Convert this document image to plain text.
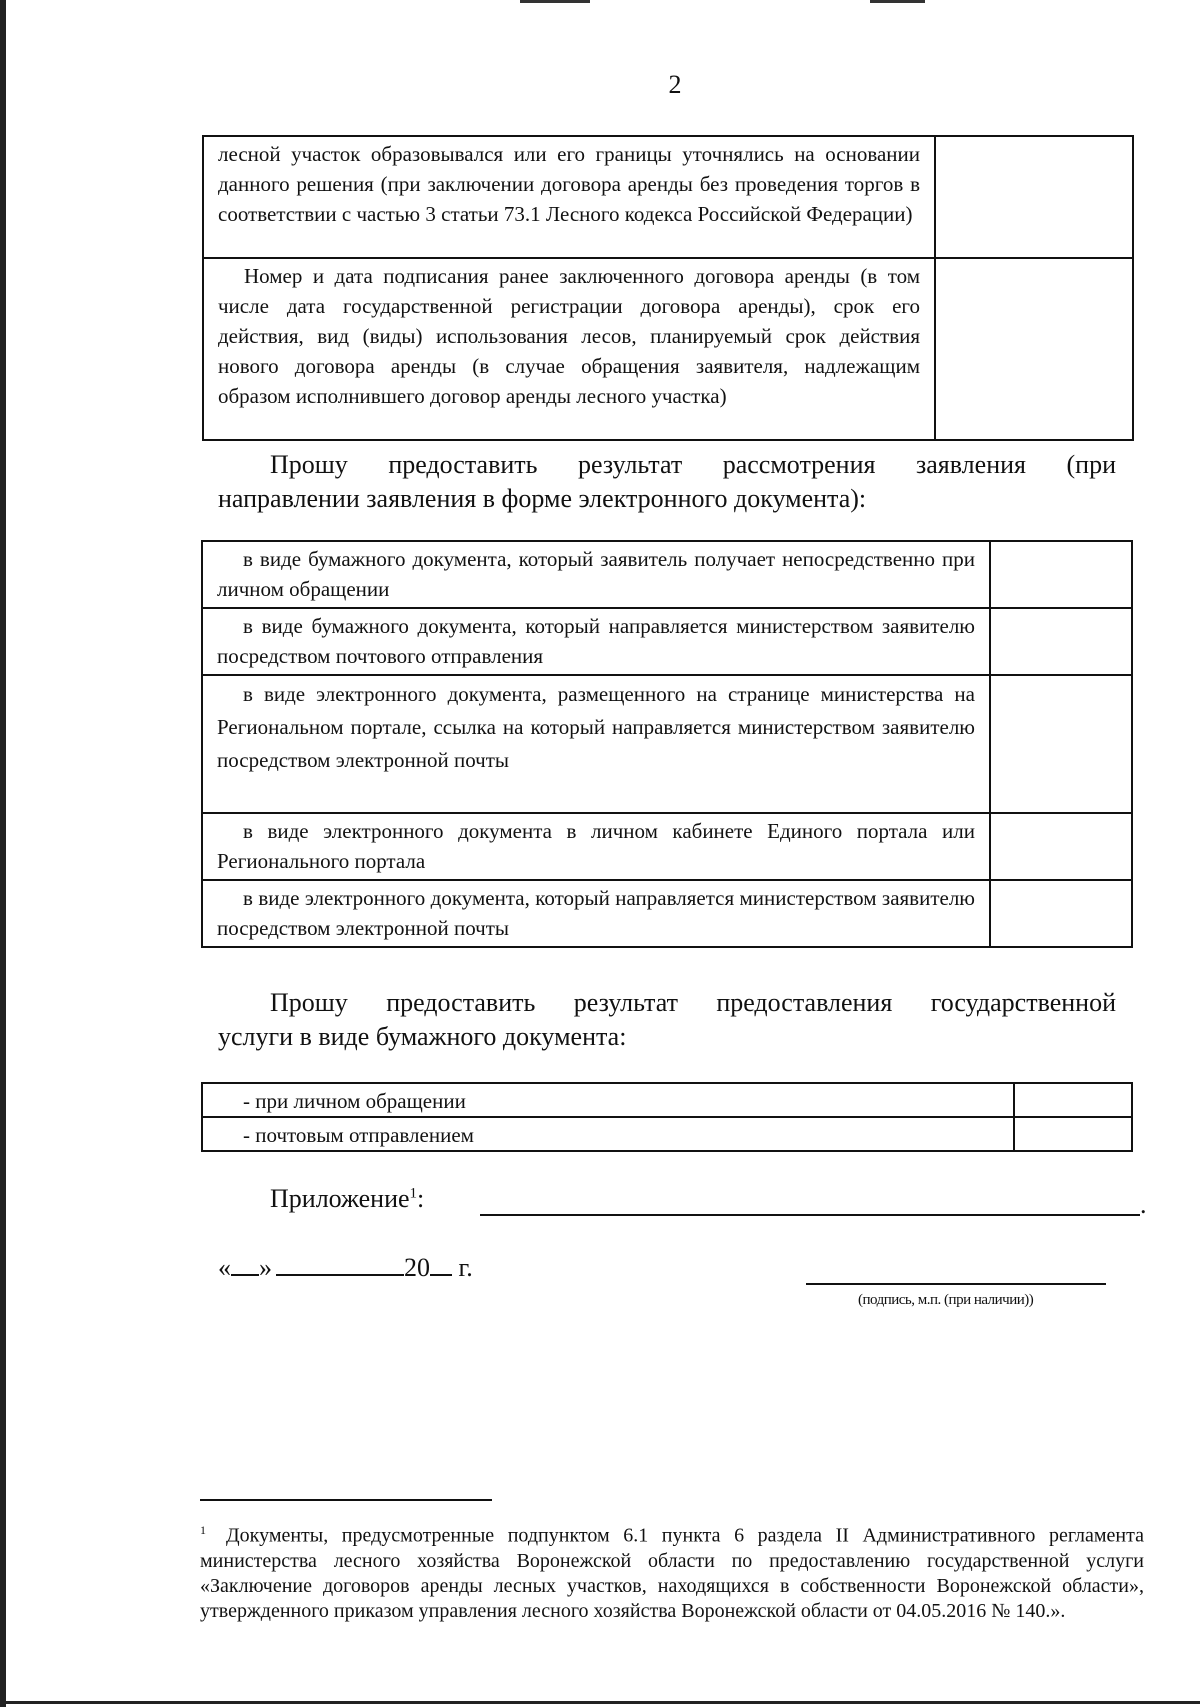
2
лесной участок образовывался или его границы уточнялись на основании данного решения (при заключении договора аренды без проведения торгов в соответствии с частью 3 статьи 73.1 Лесного кодекса Российской Федерации)	

Номер и дата подписания ранее заключенного договора аренды (в том числе дата государственной регистрации договора аренды), срок его действия, вид (виды) использования лесов, планируемый срок действия нового договора аренды (в случае обращения заявителя, надлежащим образом исполнившего договор аренды лесного участка)	

Прошу предоставить результат рассмотрения заявления (при
направлении заявления в форме электронного документа):
в виде бумажного документа, который заявитель получает непосредственно при личном обращении	

в виде бумажного документа, который направляется министерством заявителю посредством почтового отправления	

в виде электронного документа, размещенного на странице министерства на Региональном портале, ссылка на который направляется министерством заявителю посредством электронной почты	

в виде электронного документа в личном кабинете Единого портала или Регионального портала	

в виде электронного документа, который направляется министерством заявителю посредством электронной почты	

Прошу предоставить результат предоставления государственной
услуги в виде бумажного документа:
- при личном обращении	
- почтовым отправлением	
Приложение$^1$:	.
« »	20 г.
(подпись, м.п. (при наличии))
$^1$ Документы, предусмотренные подпунктом 6.1 пункта 6 раздела II Административного регламента министерства лесного хозяйства Воронежской области по предоставлению государственной услуги «Заключение договоров аренды лесных участков, находящихся в собственности Воронежской области», утвержденного приказом управления лесного хозяйства Воронежской области от 04.05.2016 № 140.».
